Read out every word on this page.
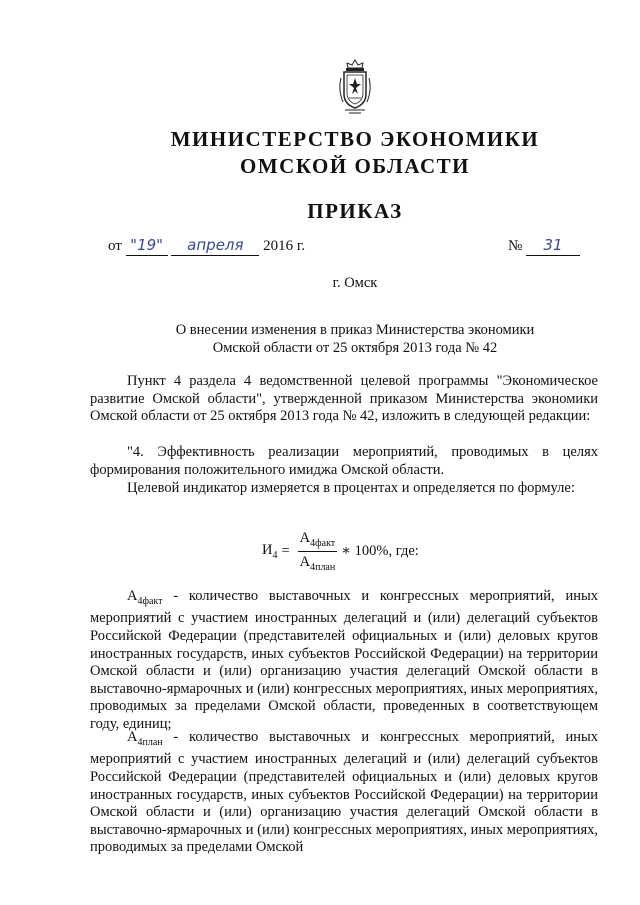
МИНИСТЕРСТВО ЭКОНОМИКИ
ОМСКОЙ ОБЛАСТИ
ПРИКАЗ
от "19" апреля 2016 г.	№ 31
г. Омск
О внесении изменения в приказ Министерства экономики
Омской области от 25 октября 2013 года № 42

Пункт 4 раздела 4 ведомственной целевой программы "Экономическое развитие Омской области", утвержденной приказом Министерства экономики Омской области от 25 октября 2013 года № 42, изложить в следующей редакции:

"4. Эффективность реализации мероприятий, проводимых в целях формирования положительного имиджа Омской области.

Целевой индикатор измеряется в процентах и определяется по формуле:

$И_4 = \frac{А_{4факт}}{А_{4план}}$ ∗ 100%, где:

$А_{4факт}$ - количество выставочных и конгрессных мероприятий, иных мероприятий с участием иностранных делегаций и (или) делегаций субъектов Российской Федерации (представителей официальных и (или) деловых кругов иностранных государств, иных субъектов Российской Федерации) на территории Омской области и (или) организацию участия делегаций Омской области в выставочно-ярмарочных и (или) конгрессных мероприятиях, иных мероприятиях, проводимых за пределами Омской области, проведенных в соответствующем году, единиц;

$А_{4план}$ - количество выставочных и конгрессных мероприятий, иных мероприятий с участием иностранных делегаций и (или) делегаций субъектов Российской Федерации (представителей официальных и (или) деловых кругов иностранных государств, иных субъектов Российской Федерации) на территории Омской области и (или) организацию участия делегаций Омской области в выставочно-ярмарочных и (или) конгрессных мероприятиях, иных мероприятиях, проводимых за пределами Омской
